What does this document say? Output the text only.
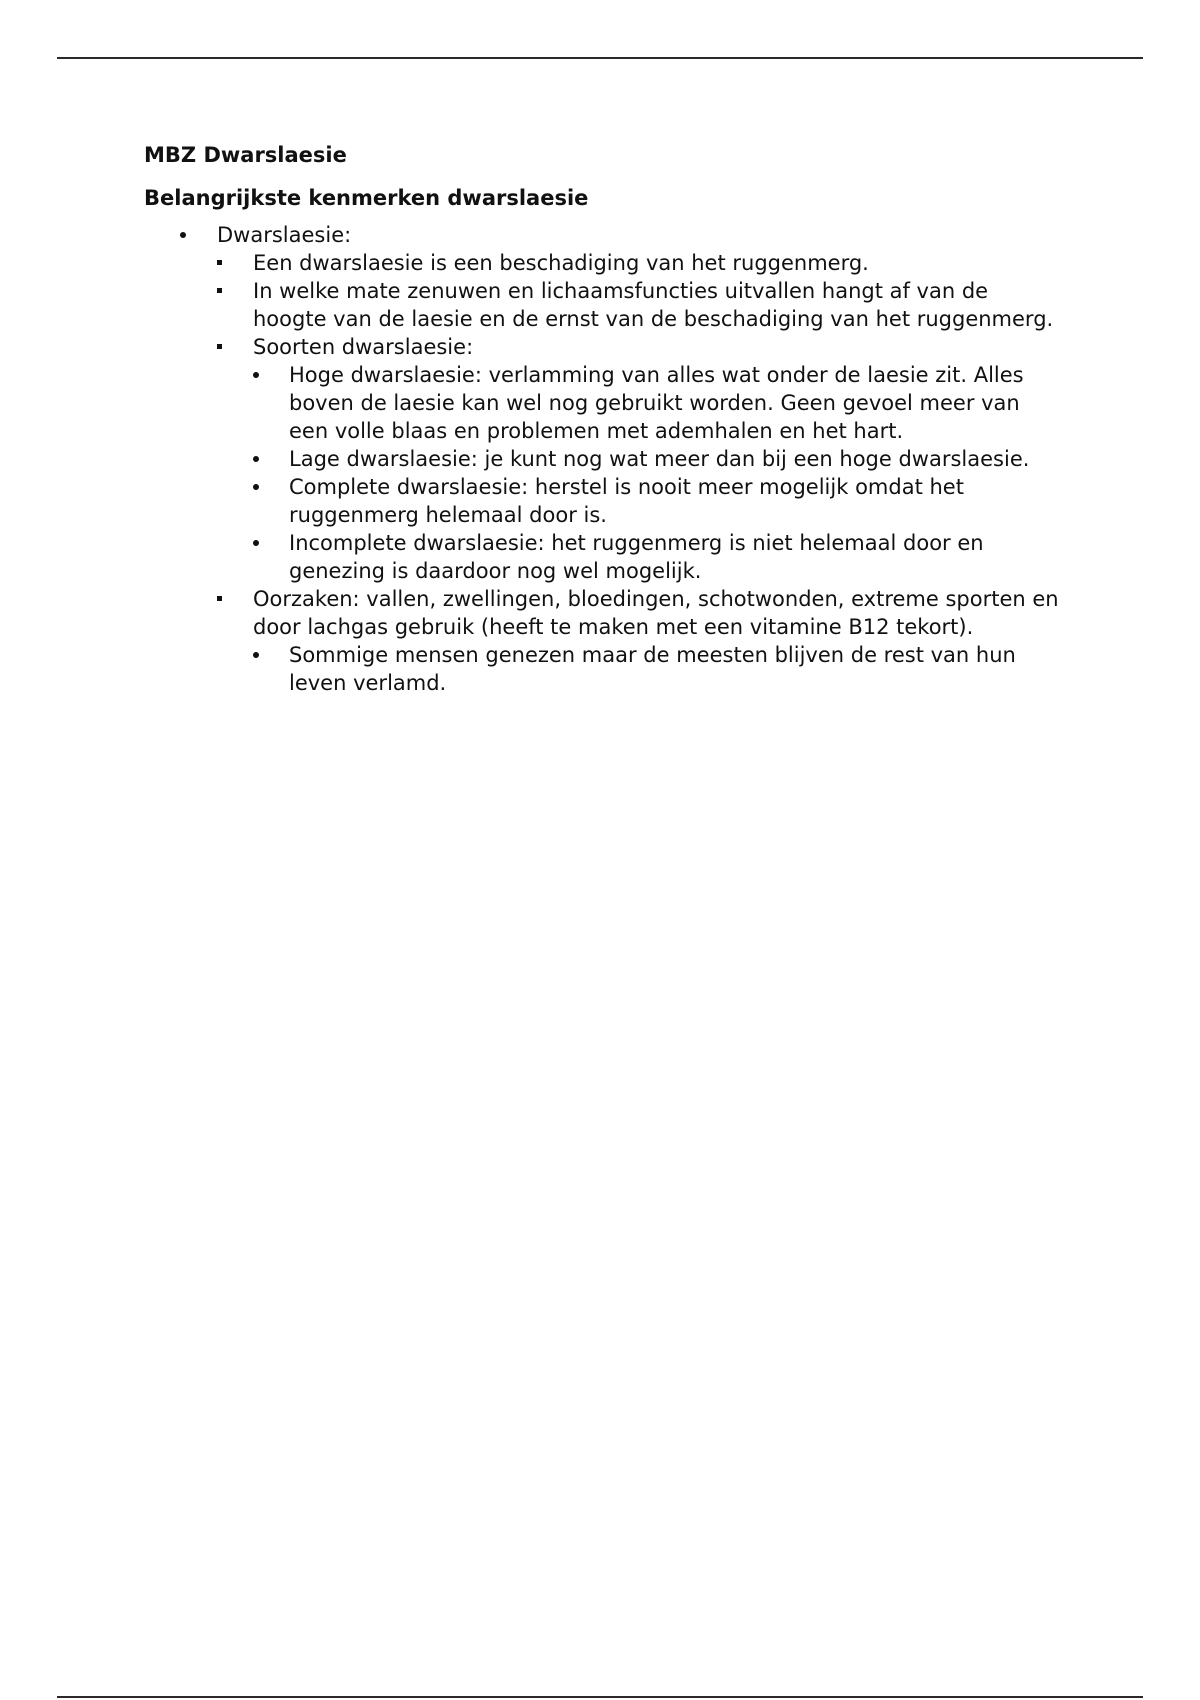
MBZ Dwarslaesie
Belangrijkste kenmerken dwarslaesie
Dwarslaesie:
Een dwarslaesie is een beschadiging van het ruggenmerg.
In welke mate zenuwen en lichaamsfuncties uitvallen hangt af van de hoogte van de laesie en de ernst van de beschadiging van het ruggenmerg.
Soorten dwarslaesie:
Hoge dwarslaesie: verlamming van alles wat onder de laesie zit. Alles boven de laesie kan wel nog gebruikt worden. Geen gevoel meer van een volle blaas en problemen met ademhalen en het hart.
Lage dwarslaesie: je kunt nog wat meer dan bij een hoge dwarslaesie.
Complete dwarslaesie: herstel is nooit meer mogelijk omdat het ruggenmerg helemaal door is.
Incomplete dwarslaesie: het ruggenmerg is niet helemaal door en genezing is daardoor nog wel mogelijk.
Oorzaken: vallen, zwellingen, bloedingen, schotwonden, extreme sporten en door lachgas gebruik (heeft te maken met een vitamine B12 tekort).
Sommige mensen genezen maar de meesten blijven de rest van hun leven verlamd.
